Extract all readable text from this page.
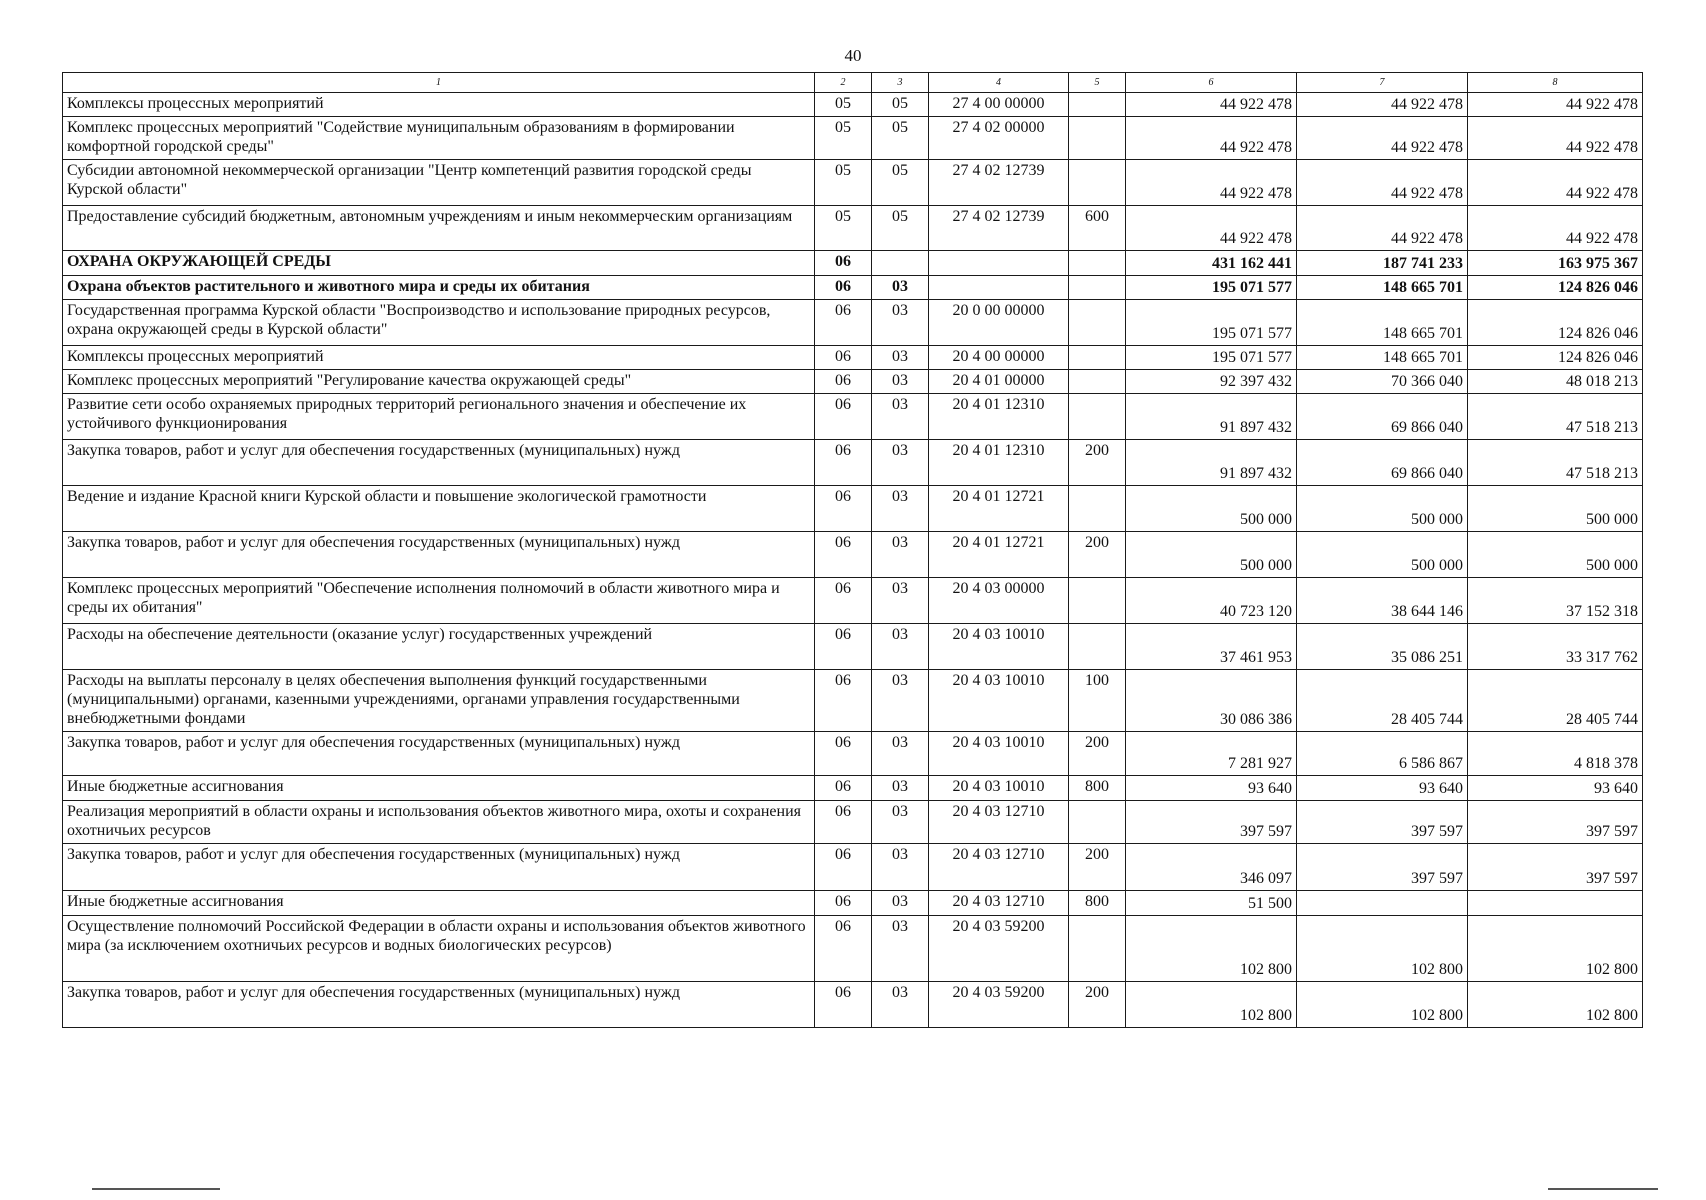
40
1	2	3	4	5	6	7	8
Комплексы процессных мероприятий	05	05	27 4 00 00000		44 922 478	44 922 478	44 922 478
Комплекс процессных мероприятий "Содействие муниципальным образованиям в формировании комфортной городской среды"	05	05	27 4 02 00000		44 922 478	44 922 478	44 922 478
Субсидии автономной некоммерческой организации "Центр компетенций развития городской среды Курской области"	05	05	27 4 02 12739		44 922 478	44 922 478	44 922 478
Предоставление субсидий бюджетным, автономным учреждениям и иным некоммерческим организациям	05	05	27 4 02 12739	600	44 922 478	44 922 478	44 922 478
ОХРАНА ОКРУЖАЮЩЕЙ СРЕДЫ	06				431 162 441	187 741 233	163 975 367
Охрана объектов растительного и животного мира и среды их обитания	06	03			195 071 577	148 665 701	124 826 046
Государственная программа Курской области "Воспроизводство и использование природных ресурсов, охрана окружающей среды в Курской области"	06	03	20 0 00 00000		195 071 577	148 665 701	124 826 046
Комплексы процессных мероприятий	06	03	20 4 00 00000		195 071 577	148 665 701	124 826 046
Комплекс процессных мероприятий "Регулирование качества окружающей среды"	06	03	20 4 01 00000		92 397 432	70 366 040	48 018 213
Развитие сети особо охраняемых природных территорий регионального значения и обеспечение их устойчивого функционирования	06	03	20 4 01 12310		91 897 432	69 866 040	47 518 213
Закупка товаров, работ и услуг для обеспечения государственных (муниципальных) нужд	06	03	20 4 01 12310	200	91 897 432	69 866 040	47 518 213
Ведение и издание Красной книги Курской области и повышение экологической грамотности	06	03	20 4 01 12721		500 000	500 000	500 000
Закупка товаров, работ и услуг для обеспечения государственных (муниципальных) нужд	06	03	20 4 01 12721	200	500 000	500 000	500 000
Комплекс процессных мероприятий "Обеспечение исполнения полномочий в области животного мира и среды их обитания"	06	03	20 4 03 00000		40 723 120	38 644 146	37 152 318
Расходы на обеспечение деятельности (оказание услуг) государственных учреждений	06	03	20 4 03 10010		37 461 953	35 086 251	33 317 762
Расходы на выплаты персоналу в целях обеспечения выполнения функций государственными (муниципальными) органами, казенными учреждениями, органами управления государственными внебюджетными фондами	06	03	20 4 03 10010	100	30 086 386	28 405 744	28 405 744
Закупка товаров, работ и услуг для обеспечения государственных (муниципальных) нужд	06	03	20 4 03 10010	200	7 281 927	6 586 867	4 818 378
Иные бюджетные ассигнования	06	03	20 4 03 10010	800	93 640	93 640	93 640
Реализация мероприятий в области охраны и использования объектов животного мира, охоты и сохранения охотничьих ресурсов	06	03	20 4 03 12710		397 597	397 597	397 597
Закупка товаров, работ и услуг для обеспечения государственных (муниципальных) нужд	06	03	20 4 03 12710	200	346 097	397 597	397 597
Иные бюджетные ассигнования	06	03	20 4 03 12710	800	51 500		
Осуществление полномочий Российской Федерации в области охраны и использования объектов животного мира (за исключением охотничьих ресурсов и водных биологических ресурсов)	06	03	20 4 03 59200		102 800	102 800	102 800
Закупка товаров, работ и услуг для обеспечения государственных (муниципальных) нужд	06	03	20 4 03 59200	200	102 800	102 800	102 800
